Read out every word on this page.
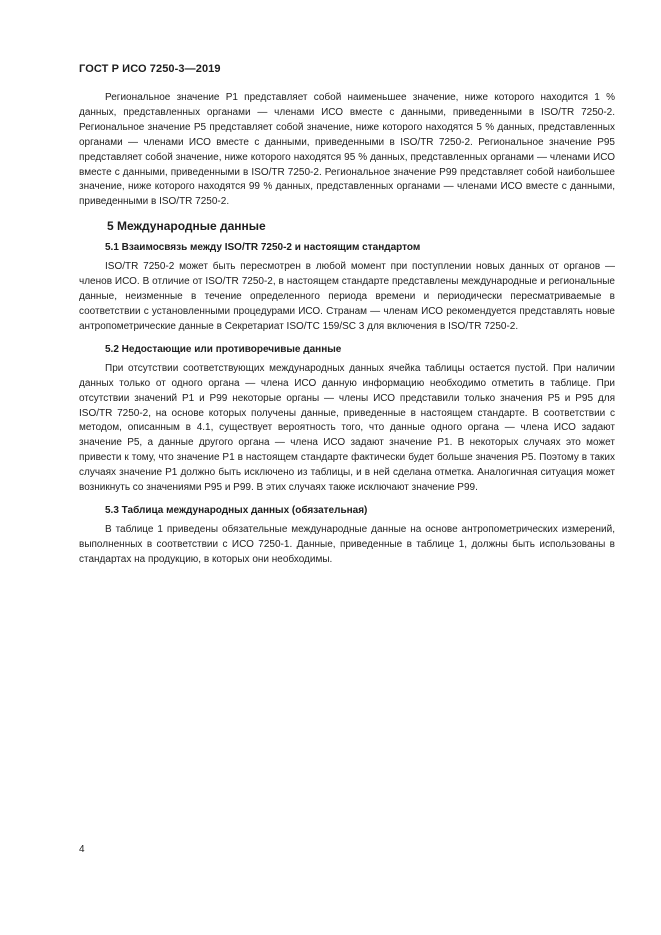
ГОСТ Р ИСО 7250-3—2019

Региональное значение P1 представляет собой наименьшее значение, ниже которого находится 1 % данных, представленных органами — членами ИСО вместе с данными, приведенными в ISO/TR 7250-2. Региональное значение P5 представляет собой значение, ниже которого находятся 5 % данных, представленных органами — членами ИСО вместе с данными, приведенными в ISO/TR 7250-2. Региональное значение P95 представляет собой значение, ниже которого находятся 95 % данных, представленных органами — членами ИСО вместе с данными, приведенными в ISO/TR 7250-2. Региональное значение P99 представляет собой наибольшее значение, ниже которого находятся 99 % данных, представленных органами — членами ИСО вместе с данными, приведенными в ISO/TR 7250-2.

5 Международные данные
5.1 Взаимосвязь между ISO/TR 7250-2 и настоящим стандартом

ISO/TR 7250-2 может быть пересмотрен в любой момент при поступлении новых данных от органов — членов ИСО. В отличие от ISO/TR 7250-2, в настоящем стандарте представлены международные и региональные данные, неизменные в течение определенного периода времени и периодически пересматриваемые в соответствии с установленными процедурами ИСО. Странам — членам ИСО рекомендуется представлять новые антропометрические данные в Секретариат ISO/TC 159/SC 3 для включения в ISO/TR 7250-2.

5.2 Недостающие или противоречивые данные

При отсутствии соответствующих международных данных ячейка таблицы остается пустой. При наличии данных только от одного органа — члена ИСО данную информацию необходимо отметить в таблице. При отсутствии значений P1 и P99 некоторые органы — члены ИСО представили только значения P5 и P95 для ISO/TR 7250-2, на основе которых получены данные, приведенные в настоящем стандарте. В соответствии с методом, описанным в 4.1, существует вероятность того, что данные одного органа — члена ИСО задают значение P5, а данные другого органа — члена ИСО задают значение P1. В некоторых случаях это может привести к тому, что значение P1 в настоящем стандарте фактически будет больше значения P5. Поэтому в таких случаях значение P1 должно быть исключено из таблицы, и в ней сделана отметка. Аналогичная ситуация может возникнуть со значениями P95 и P99. В этих случаях также исключают значение P99.

5.3 Таблица международных данных (обязательная)

В таблице 1 приведены обязательные международные данные на основе антропометрических измерений, выполненных в соответствии с ИСО 7250-1. Данные, приведенные в таблице 1, должны быть использованы в стандартах на продукцию, в которых они необходимы.

4
